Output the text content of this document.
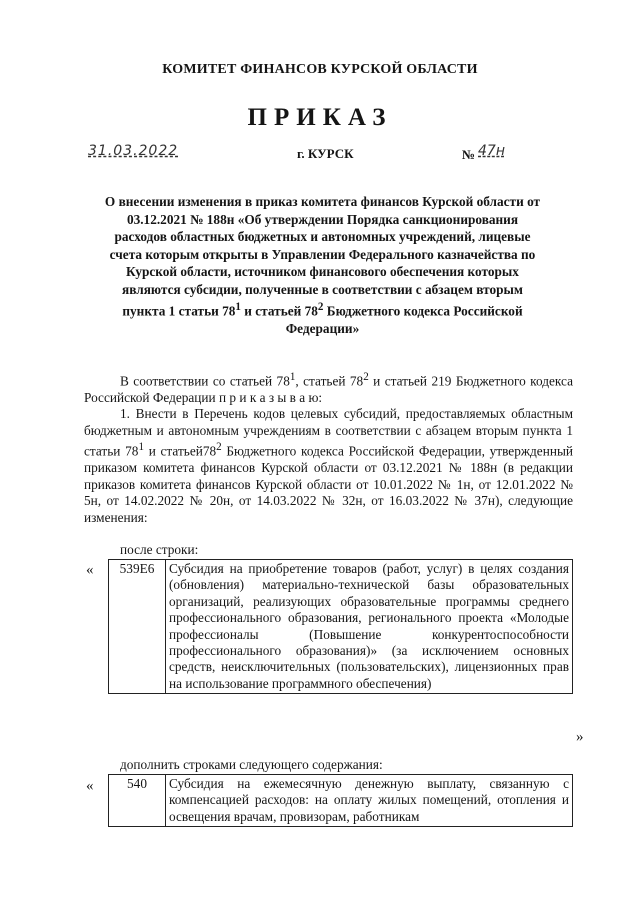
КОМИТЕТ ФИНАНСОВ КУРСКОЙ ОБЛАСТИ
ПРИКАЗ
31.03.2022	г. КУРСК	№ 47н
О внесении изменения в приказ комитета финансов Курской области от 03.12.2021 № 188н «Об утверждении Порядка санкционирования расходов областных бюджетных и автономных учреждений, лицевые счета которым открыты в Управлении Федерального казначейства по Курской области, источником финансового обеспечения которых являются субсидии, полученные в соответствии с абзацем вторым пункта 1 статьи $78^1$ и статьей $78^2$ Бюджетного кодекса Российской Федерации»

В соответствии со статьей $78^1$, статьей $78^2$ и статьей 219 Бюджетного кодекса Российской Федерации п р и к а з ы в а ю:

1. Внести в Перечень кодов целевых субсидий, предоставляемых областным бюджетным и автономным учреждениям в соответствии с абзацем вторым пункта 1 статьи $78^1$ и $статьей78^2$ Бюджетного кодекса Российской Федерации, утвержденный приказом комитета финансов Курской области от 03.12.2021 № 188н (в редакции приказов комитета финансов Курской области от 10.01.2022 № 1н, от 12.01.2022 № 5н, от 14.02.2022 № 20н, от 14.03.2022 № 32н, от 16.03.2022 № 37н), следующие изменения:

после строки:
« 539Е6	Субсидия на приобретение товаров (работ, услуг) в целях создания (обновления) материально-технической базы образовательных организаций, реализующих образовательные программы среднего профессионального образования, регионального проекта «Молодые профессионалы (Повышение конкурентоспособности профессионального образования)» (за исключением основных средств, неисключительных (пользовательских), лицензионных прав на использование программного обеспечения)
»
дополнить строками следующего содержания:
«	540	Субсидия на ежемесячную денежную выплату, связанную с компенсацией расходов: на оплату жилых помещений, отопления и освещения врачам, провизорам, работникам
